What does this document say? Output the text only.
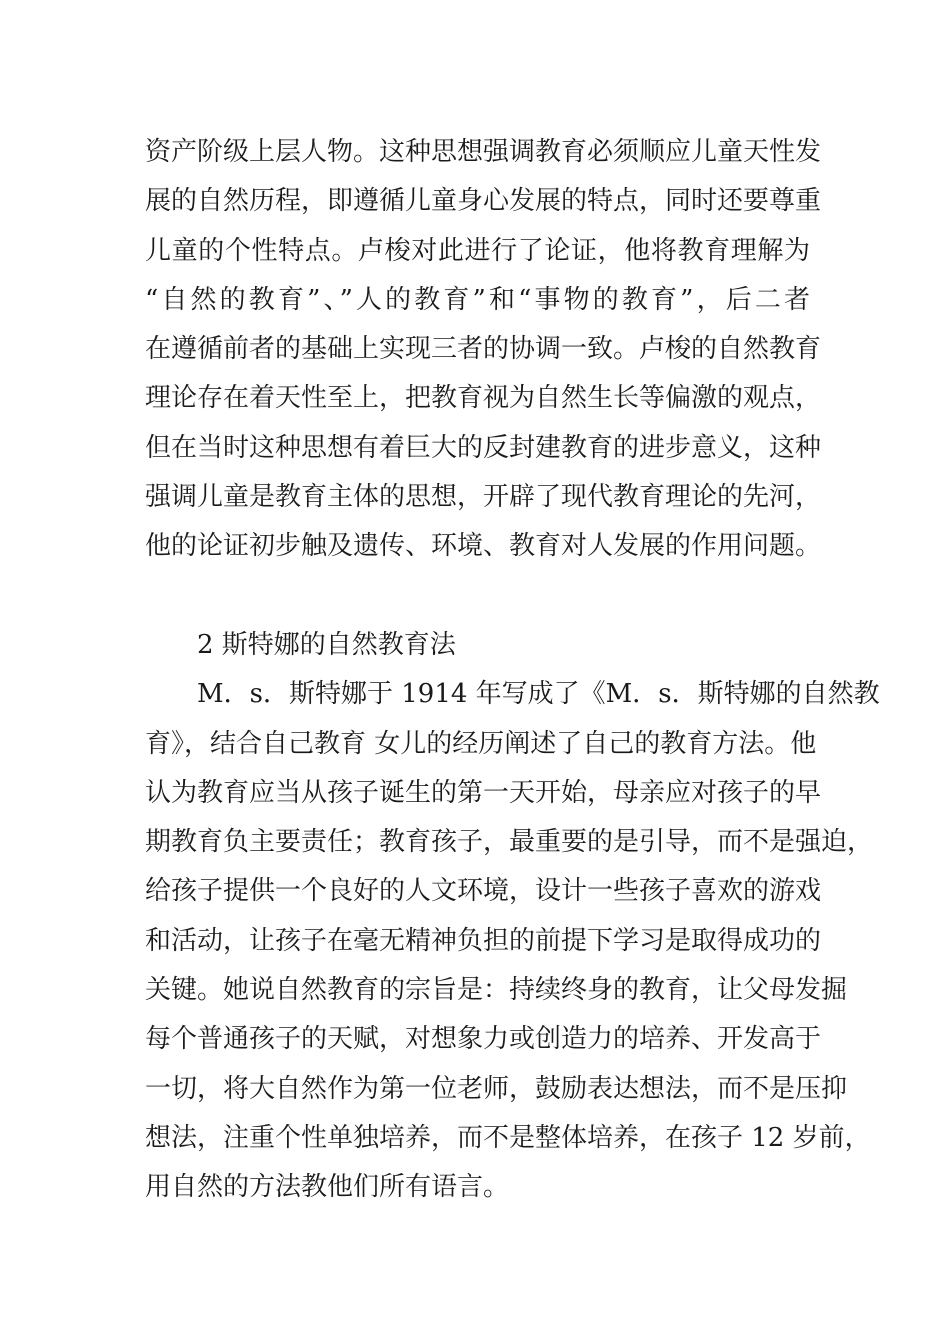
资产阶级上层人物。这种思想强调教育必须顺应儿童天性发
展的自然历程，即遵循儿童身心发展的特点，同时还要尊重
儿童的个性特点。卢梭对此进行了论证，他将教育理解为
“自然的教育”、”人的教育”和“事物的教育”，后二者
在遵循前者的基础上实现三者的协调一致。卢梭的自然教育
理论存在着天性至上，把教育视为自然生长等偏激的观点，
但在当时这种思想有着巨大的反封建教育的进步意义，这种
强调儿童是教育主体的思想，开辟了现代教育理论的先河，
他的论证初步触及遗传、环境、教育对人发展的作用问题。
2 斯特娜的自然教育法
M．s．斯特娜于 1914 年写成了《M．s．斯特娜的自然教
育》，结合自己教育 女儿的经历阐述了自己的教育方法。他
认为教育应当从孩子诞生的第一天开始，母亲应对孩子的早
期教育负主要责任；教育孩子，最重要的是引导，而不是强迫，
给孩子提供一个良好的人文环境，设计一些孩子喜欢的游戏
和活动，让孩子在毫无精神负担的前提下学习是取得成功的
关键。她说自然教育的宗旨是：持续终身的教育，让父母发掘
每个普通孩子的天赋，对想象力或创造力的培养、开发高于
一切，将大自然作为第一位老师，鼓励表达想法，而不是压抑
想法，注重个性单独培养，而不是整体培养，在孩子 12 岁前，
用自然的方法教他们所有语言。
